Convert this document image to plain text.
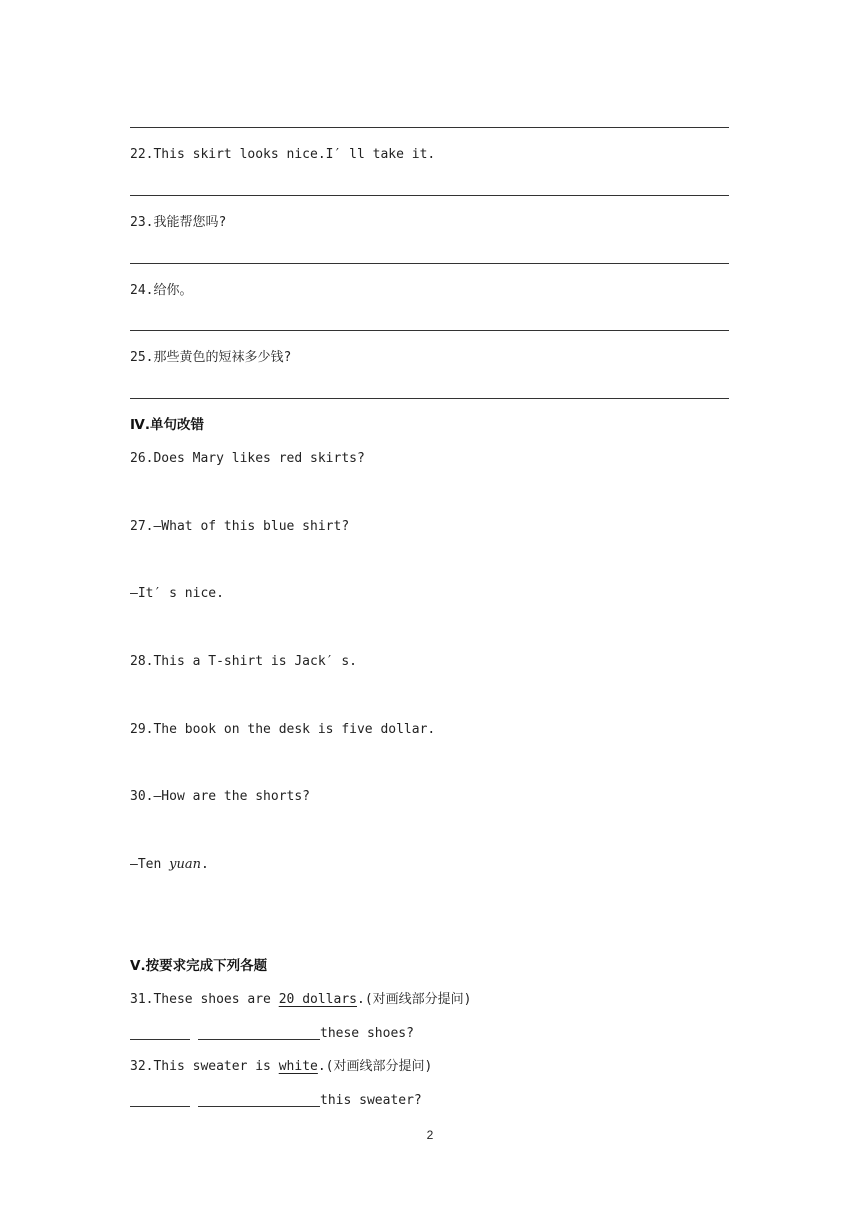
22.This skirt looks nice.I′ ll take it.
23.我能帮您吗?
24.给你。
25.那些黄色的短袜多少钱?
Ⅳ.单句改错
26.Does Mary likes red skirts?
27.—What of this blue shirt?
—It′ s nice.
28.This a T-shirt is Jack′ s.
29.The book on the desk is five dollar.
30.—How are the shorts?
—Ten yuan.
Ⅴ.按要求完成下列各题
31.These shoes are 20 dollars.(对画线部分提问)
these shoes?
32.This sweater is white.(对画线部分提问)
this sweater?
2
